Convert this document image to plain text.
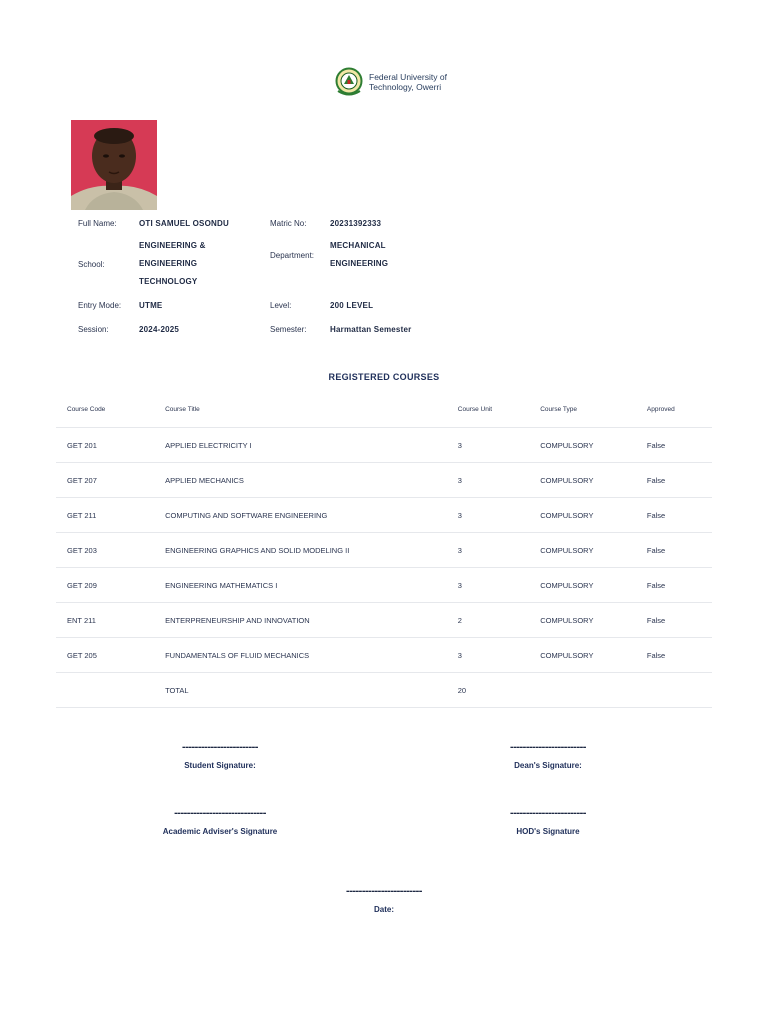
Federal University of
Technology, Owerri
Full Name:	OTI SAMUEL OSONDU	Matric No:	20231392333
School:
ENGINEERING &
ENGINEERING
TECHNOLOGY
Department:
MECHANICAL
ENGINEERING
Entry Mode: UTME	Level:	200 LEVEL
Session:	2024-2025	Semester:	Harmattan Semester
REGISTERED COURSES
Course Code	Course Title	Course Unit	Course Type	Approved
GET 201	APPLIED ELECTRICITY I	3	COMPULSORY	False
GET 207	APPLIED MECHANICS	3	COMPULSORY	False
GET 211	COMPUTING AND SOFTWARE ENGINEERING	3	COMPULSORY	False
GET 203	ENGINEERING GRAPHICS AND SOLID MODELING II	3	COMPULSORY	False
GET 209	ENGINEERING MATHEMATICS I	3	COMPULSORY	False
ENT 211	ENTERPRENEURSHIP AND INNOVATION	2	COMPULSORY	False
GET 205	FUNDAMENTALS OF FLUID MECHANICS	3	COMPULSORY	False
	TOTAL	20		
------------------------
Student Signature:
------------------------
Dean's Signature:
-----------------------------
Academic Adviser's Signature
------------------------
HOD's Signature
------------------------
Date:
